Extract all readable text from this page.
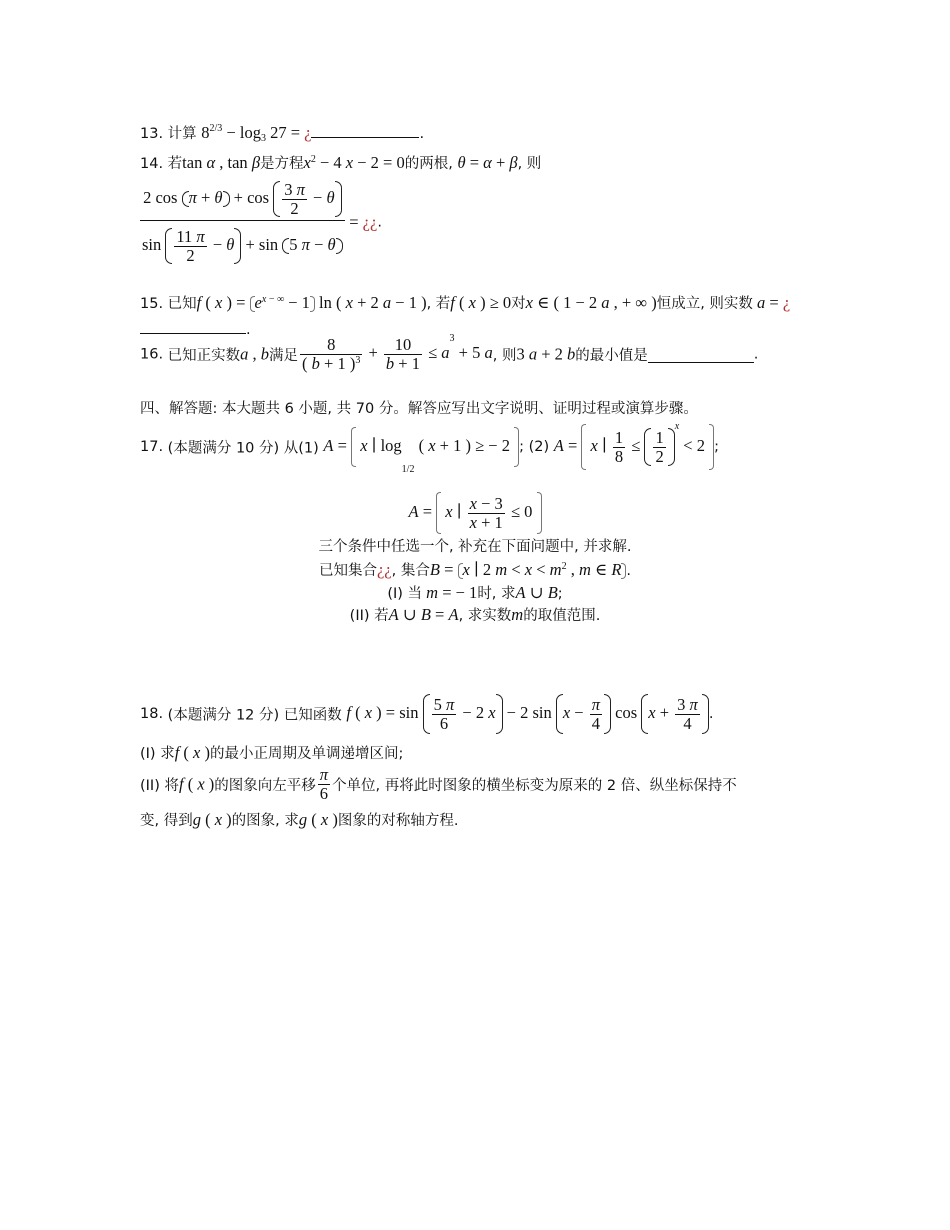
13. 计算 $8^{2/3} - \log_3 27$ = ¿	.
14. 若tan α , tan β是方程$x^2 - 4$ x − 2 = 0的两根, θ = α + β, 则
$\frac{2 \cos \pi + \theta + \cos \frac{3 \pi}{2} - \theta}{\sin \frac{11 \pi}{2} - \theta + \sin 5 \pi - \theta}$ = ¿¿.
15. 已知f ( x ) = $e^{x - \infty} - 1$ ln ( x + 2 a − 1 ), 若f ( x ) ≥ 0对x ∈ ( 1 − 2 a , + ∞ )恒成立, 则实数 a = ¿
.
16. 已知正实数a , b满足 $\frac{8}{( b + 1 )^3} + \frac{10}{b + 1} \le a^3 + 5$ a, 则3 a + 2 b的最小值是	.
四、解答题: 本大题共 6 小题, 共 70 分。解答应写出文字说明、证明过程或演算步骤。
17. (本题满分 10 分) 从(1) A =  x ∣ $\log_{1/2}$ ( x + 1 ) ≥ − 2 ; (2) A =  x ∣ $\frac{1}{8} \le \frac{1}{2}$
$^x$ < 2 ;
A =  x ∣ $\frac{x - 3}{x + 1} \le 0$
三个条件中任选一个, 补充在下面问题中, 并求解.
已知集合¿¿, 集合B = x ∣ 2 $m < x < m^2$ , m ∈ R .
(I) 当 m = − 1时, 求A ∪ B;
(II) 若A ∪ B = A, 求实数m的取值范围.
18. (本题满分 12 分) 已知函数 f ( x ) = $\sin \frac{5 \pi}{6} - 2$ x − 2 $\sin x - \frac{\pi}{4}$ $\cos x + \frac{3 \pi}{4}$ .
(I) 求f ( x )的最小正周期及单调递增区间;
(II) 将f ( x )的图象向左平移 $\frac{\pi}{6}$ 个单位, 再将此时图象的横坐标变为原来的 2 倍、纵坐标保持不
变, 得到g ( x )的图象, 求g ( x )图象的对称轴方程.
